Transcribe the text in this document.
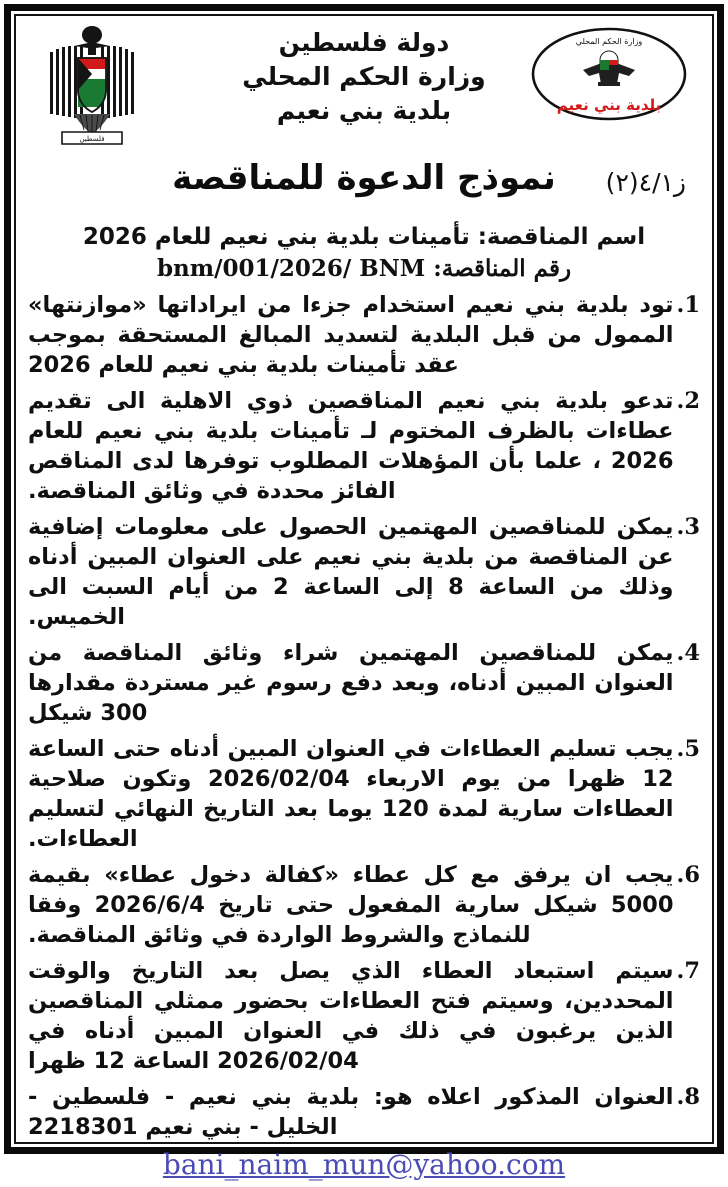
وزارة الحكم المحلي
بلدية بني نعيم
فلسطين
دولة فلسطين
وزارة الحكم المحلي
بلدية بني نعيم
ز٤/١(٢)
نموذج الدعوة للمناقصة
اسم المناقصة: تأمينات بلدية بني نعيم للعام 2026
رقم المناقصة: bnm/001/2026/ BNM
1.
تود بلدية بني نعيم استخدام جزءا من ايراداتها «موازنتها» الممول من قبل البلدية لتسديد المبالغ المستحقة بموجب عقد تأمينات بلدية بني نعيم للعام 2026
2.
تدعو بلدية بني نعيم المناقصين ذوي الاهلية الى تقديم عطاءات بالظرف المختوم لـ تأمينات بلدية بني نعيم للعام 2026 ، علما بأن المؤهلات المطلوب توفرها لدى المناقص الفائز محددة في وثائق المناقصة.
3.
يمكن للمناقصين المهتمين الحصول على معلومات إضافية عن المناقصة من بلدية بني نعيم على العنوان المبين أدناه وذلك من الساعة 8 إلى الساعة 2 من أيام السبت الى الخميس.
4.
يمكن للمناقصين المهتمين شراء وثائق المناقصة من العنوان المبين أدناه، وبعد دفع رسوم غير مستردة مقدارها 300 شيكل
5.
يجب تسليم العطاءات في العنوان المبين أدناه حتى الساعة 12 ظهرا من يوم الاربعاء 2026/02/04 وتكون صلاحية العطاءات سارية لمدة 120 يوما بعد التاريخ النهائي لتسليم العطاءات.
6.
يجب ان يرفق مع كل عطاء «كفالة دخول عطاء» بقيمة 5000 شيكل سارية المفعول حتى تاريخ 2026/6/4 وفقا للنماذج والشروط الواردة في وثائق المناقصة.
7.
سيتم استبعاد العطاء الذي يصل بعد التاريخ والوقت المحددين، وسيتم فتح العطاءات بحضور ممثلي المناقصين الذين يرغبون في ذلك في العنوان المبين أدناه في 2026/02/04 الساعة 12 ظهرا
8.
العنوان المذكور اعلاه هو: بلدية بني نعيم - فلسطين - الخليل - بني نعيم 2218301
bani_naim_mun@yahoo.com
